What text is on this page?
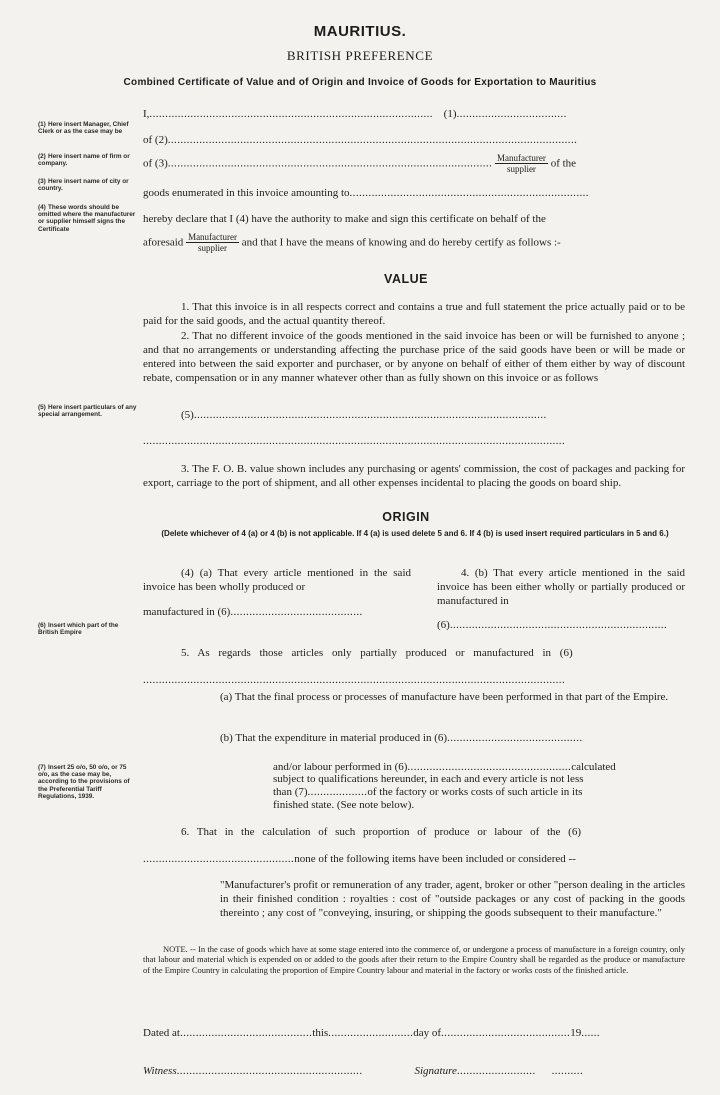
MAURITIUS.
BRITISH PREFERENCE
Combined Certificate of Value and of Origin and Invoice of Goods for Exportation to Mauritius
(1) Here insert Manager, Chief Clerk or as the case may be
(2) Here insert name of firm or company.
(3) Here insert name of city or country.
(4) These words should be omitted where the manufacturer or supplier himself signs the Certificate
(5) Here insert particulars of any special arrangement.
(6) Insert which part of the British Empire
(7) Insert 25 o/o, 50 o/o, or 75 o/o, as the case may be, according to the provisions of the Preferential Tariff Regulations, 1939.
I,.......................................................................................... (1)...................................
of (2)..................................................................................................................................
of (3)....................................................................................................... $\frac{\text{Manufacturer}}{\text{supplier}}$ of the
goods enumerated in this invoice amounting to............................................................................
hereby declare that I (4) have the authority to make and sign this certificate on behalf of the
aforesaid $\frac{\text{Manufacturer}}{\text{supplier}}$ and that I have the means of knowing and do hereby certify as follows :-
VALUE
1. That this invoice is in all respects correct and contains a true and full statement the price actually paid or to be paid for the said goods, and the actual quantity thereof.
2. That no different invoice of the goods mentioned in the said invoice has been or will be furnished to anyone ; and that no arrangements or understanding affecting the purchase price of the said goods have been or will be made or entered into between the said exporter and purchaser, or by anyone on behalf of either of them either by way of discount rebate, compensation or in any manner whatever other than as fully shown on this invoice or as follows
(5)................................................................................................................
......................................................................................................................................
3. The F. O. B. value shown includes any purchasing or agents' commission, the cost of packages and packing for export, carriage to the port of shipment, and all other expenses incidental to placing the goods on board ship.
ORIGIN
(Delete whichever of 4 (a) or 4 (b) is not applicable. If 4 (a) is used delete 5 and 6. If 4 (b) is used insert required particulars in 5 and 6.)
(4) (a) That every article mentioned in the said invoice has been wholly produced or
manufactured in (6)..........................................
4. (b) That every article mentioned in the said invoice has been either wholly or partially produced or manufactured in
(6).....................................................................
5. As regards those articles only partially produced or manufactured in (6)
......................................................................................................................................
(a) That the final process or processes of manufacture have been performed in that part of the Empire.
(b) That the expenditure in material produced in (6)...........................................
and/or labour performed in (6)....................................................calculated
subject to qualifications hereunder, in each and every article is not less
than (7)...................of the factory or works costs of such article in its
finished state. (See note below).
6. That in the calculation of such proportion of produce or labour of the (6)
................................................none of the following items have been included or considered --
"Manufacturer's profit or remuneration of any trader, agent, broker or other "person dealing in the articles in their finished condition : royalties : cost of "outside packages or any cost of packing in the goods thereinto ; any cost of "conveying, insuring, or shipping the goods subsequent to their manufacture."
NOTE. -- In the case of goods which have at some stage entered into the commerce of, or undergone a process of manufacture in a foreign country, only that labour and material which is expended on or added to the goods after their return to the Empire Country shall be regarded as the produce or manufacture of the Empire Country in calculating the proportion of Empire Country labour and material in the factory or works costs of the finished article.
Dated at..........................................this...........................day of.........................................19......
Witness...........................................................	Signature......................... ..........
